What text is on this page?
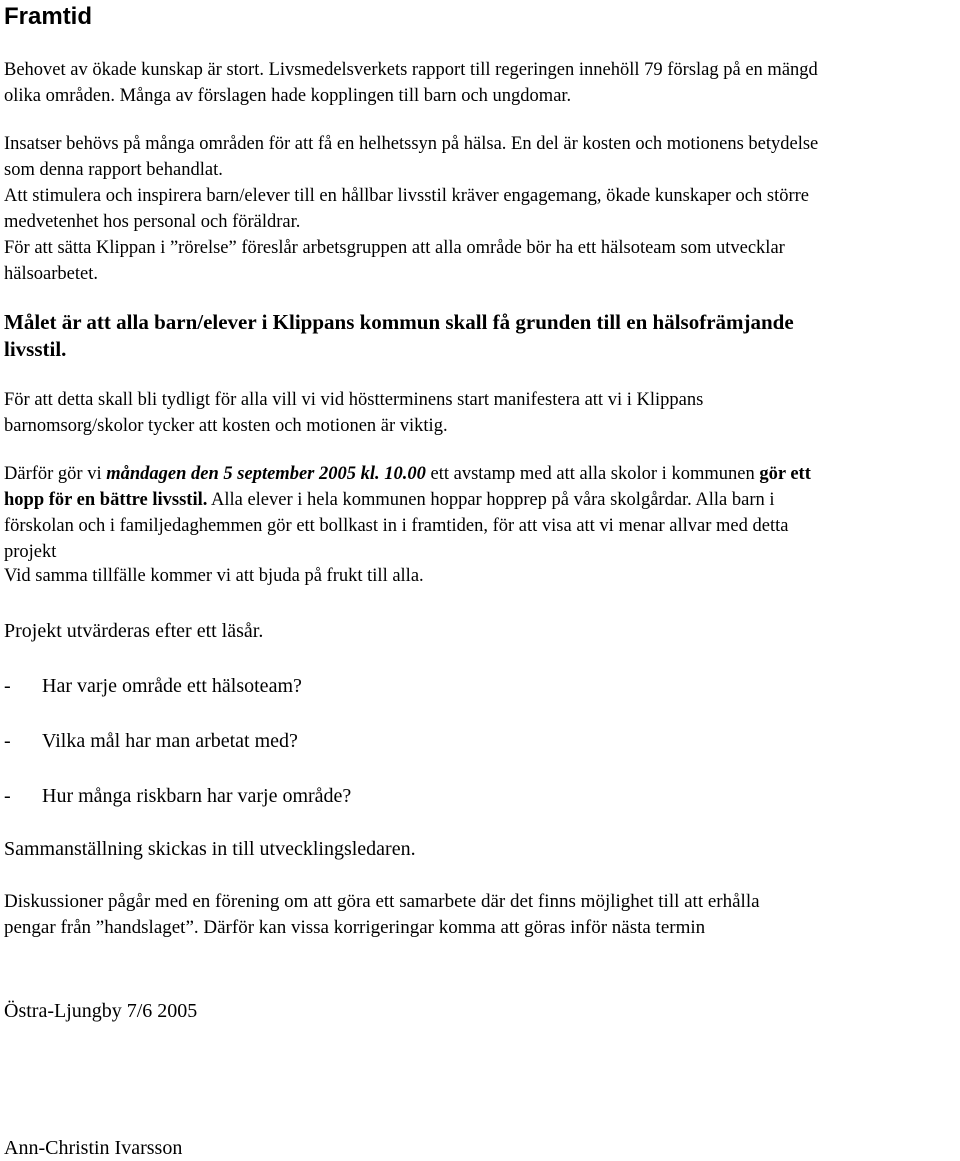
Framtid

Behovet av ökade kunskap är stort. Livsmedelsverkets rapport till regeringen innehöll 79 förslag på en mängd

olika områden. Många av förslagen hade kopplingen till barn och ungdomar.

Insatser behövs på många områden för att få en helhetssyn på hälsa. En del är kosten och motionens betydelse

som denna rapport behandlat.

Att stimulera och inspirera barn/elever till en hållbar livsstil kräver engagemang, ökade kunskaper och större

medvetenhet hos personal och föräldrar.

För att sätta Klippan i ”rörelse” föreslår arbetsgruppen att alla område bör ha ett hälsoteam som utvecklar

hälsoarbetet.

Målet är att alla barn/elever i Klippans kommun skall få grunden till en hälsofrämjande

livsstil.

För att detta skall bli tydligt för alla vill vi vid höstterminens start manifestera att vi i Klippans

barnomsorg/skolor tycker att kosten och motionen är viktig.

Därför gör vi måndagen den 5 september 2005 kl. 10.00 ett avstamp med att alla skolor i kommunen gör ett

hopp för en bättre livsstil. Alla elever i hela kommunen hoppar hopprep på våra skolgårdar. Alla barn i

förskolan och i familjedaghemmen gör ett bollkast in i framtiden, för att visa att vi menar allvar med detta

projekt

Vid samma tillfälle kommer vi att bjuda på frukt till alla.

Projekt utvärderas efter ett läsår.

- Har varje område ett hälsoteam?

- Vilka mål har man arbetat med?

- Hur många riskbarn har varje område?

Sammanställning skickas in till utvecklingsledaren.

Diskussioner pågår med en förening om att göra ett samarbete där det finns möjlighet till att erhålla

pengar från ”handslaget”. Därför kan vissa korrigeringar komma att göras inför nästa termin

Östra-Ljungby 7/6 2005

Ann-Christin Ivarsson
